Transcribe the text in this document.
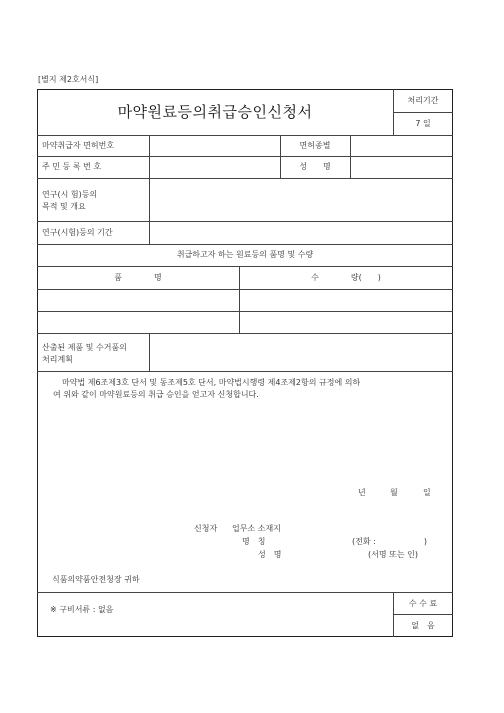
[별지 제2호서식]
마약원료등의취급승인신청서
처리기간
7 일
마약취급자 면허번호	면허종별
주 민 등 록 번 호	성　　명
연구(시 험)등의
목적 및 개요
연구(시험)등의 기간
취급하고자 하는 원료등의 품명 및 수량
품　　　　명	수　　　　량(　　)
산출된 제품 및 수거품의
처리계획
마약법 제6조제3호 단서 및 동조제5호 단서, 마약법시행령 제4조제2항의 규정에 의하
여 위와 같이 마약원료등의 취급 승인을 얻고자 신청합니다.
년	월	일
신청자 업무소 소재지
명　칭	(전화 :　　　　　　)
성　명	(서명 또는 인)
식품의약품안전청장 귀하
※ 구비서류 : 없음
수 수 료
없　음
